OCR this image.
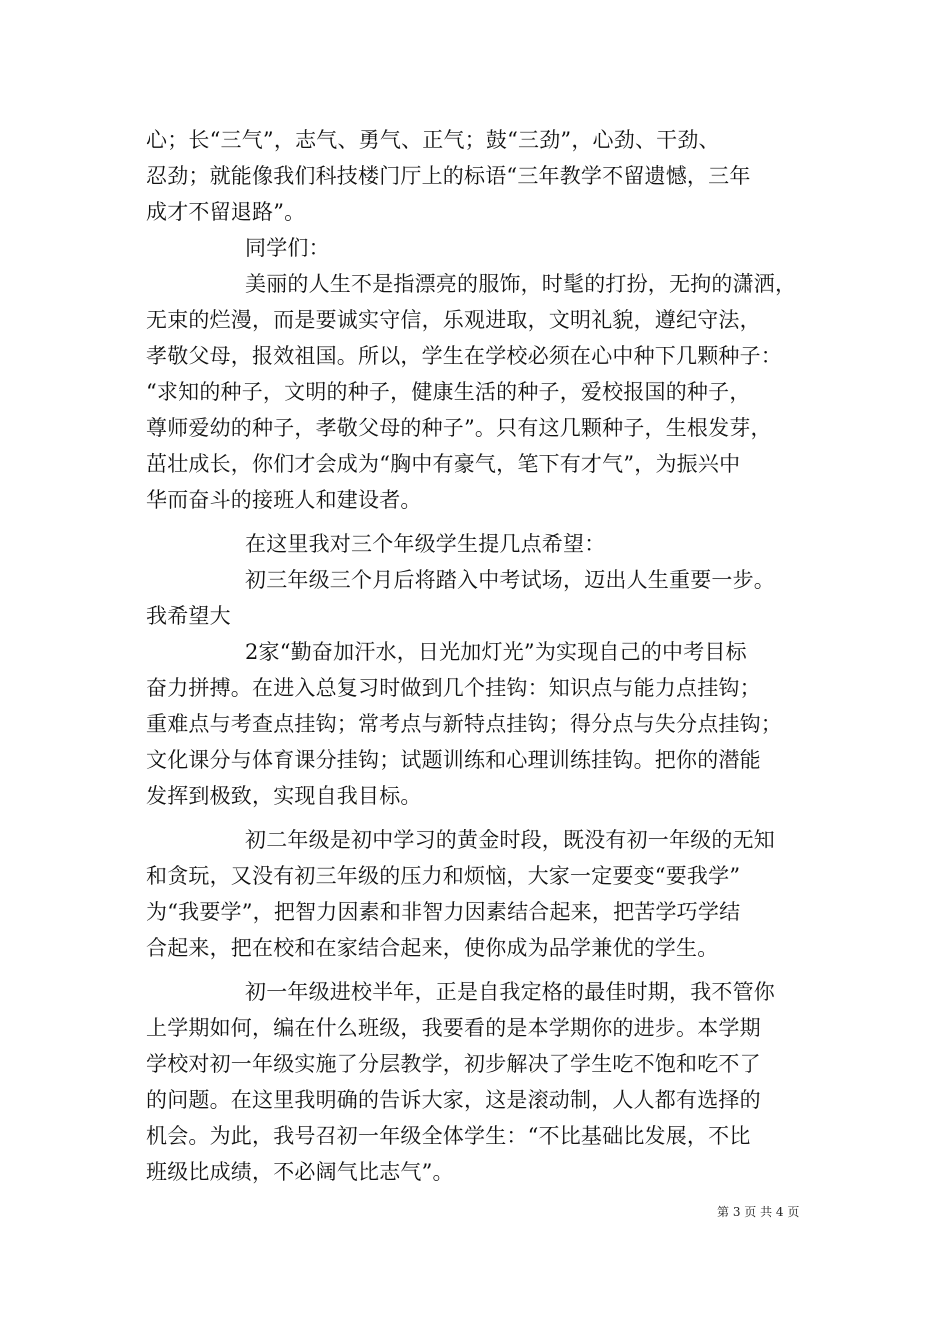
心；长“三气”，志气、勇气、正气；鼓“三劲”，心劲、干劲、
忍劲；就能像我们科技楼门厅上的标语“三年教学不留遗憾，三年
成才不留退路”。
同学们：
美丽的人生不是指漂亮的服饰，时髦的打扮，无拘的潇洒，
无束的烂漫，而是要诚实守信，乐观进取，文明礼貌，遵纪守法，
孝敬父母，报效祖国。所以，学生在学校必须在心中种下几颗种子：
“求知的种子，文明的种子，健康生活的种子，爱校报国的种子，
尊师爱幼的种子，孝敬父母的种子”。只有这几颗种子，生根发芽，
茁壮成长，你们才会成为“胸中有豪气，笔下有才气”，为振兴中
华而奋斗的接班人和建设者。
在这里我对三个年级学生提几点希望：
初三年级三个月后将踏入中考试场，迈出人生重要一步。
我希望大
2家“勤奋加汗水，日光加灯光”为实现自己的中考目标
奋力拼搏。在进入总复习时做到几个挂钩：知识点与能力点挂钩；
重难点与考查点挂钩；常考点与新特点挂钩；得分点与失分点挂钩；
文化课分与体育课分挂钩；试题训练和心理训练挂钩。把你的潜能
发挥到极致，实现自我目标。
初二年级是初中学习的黄金时段，既没有初一年级的无知
和贪玩，又没有初三年级的压力和烦恼，大家一定要变“要我学”
为“我要学”，把智力因素和非智力因素结合起来，把苦学巧学结
合起来，把在校和在家结合起来，使你成为品学兼优的学生。
初一年级进校半年，正是自我定格的最佳时期，我不管你
上学期如何，编在什么班级，我要看的是本学期你的进步。本学期
学校对初一年级实施了分层教学，初步解决了学生吃不饱和吃不了
的问题。在这里我明确的告诉大家，这是滚动制，人人都有选择的
机会。为此，我号召初一年级全体学生：“不比基础比发展，不比
班级比成绩，不必阔气比志气”。
第 3 页 共 4 页
